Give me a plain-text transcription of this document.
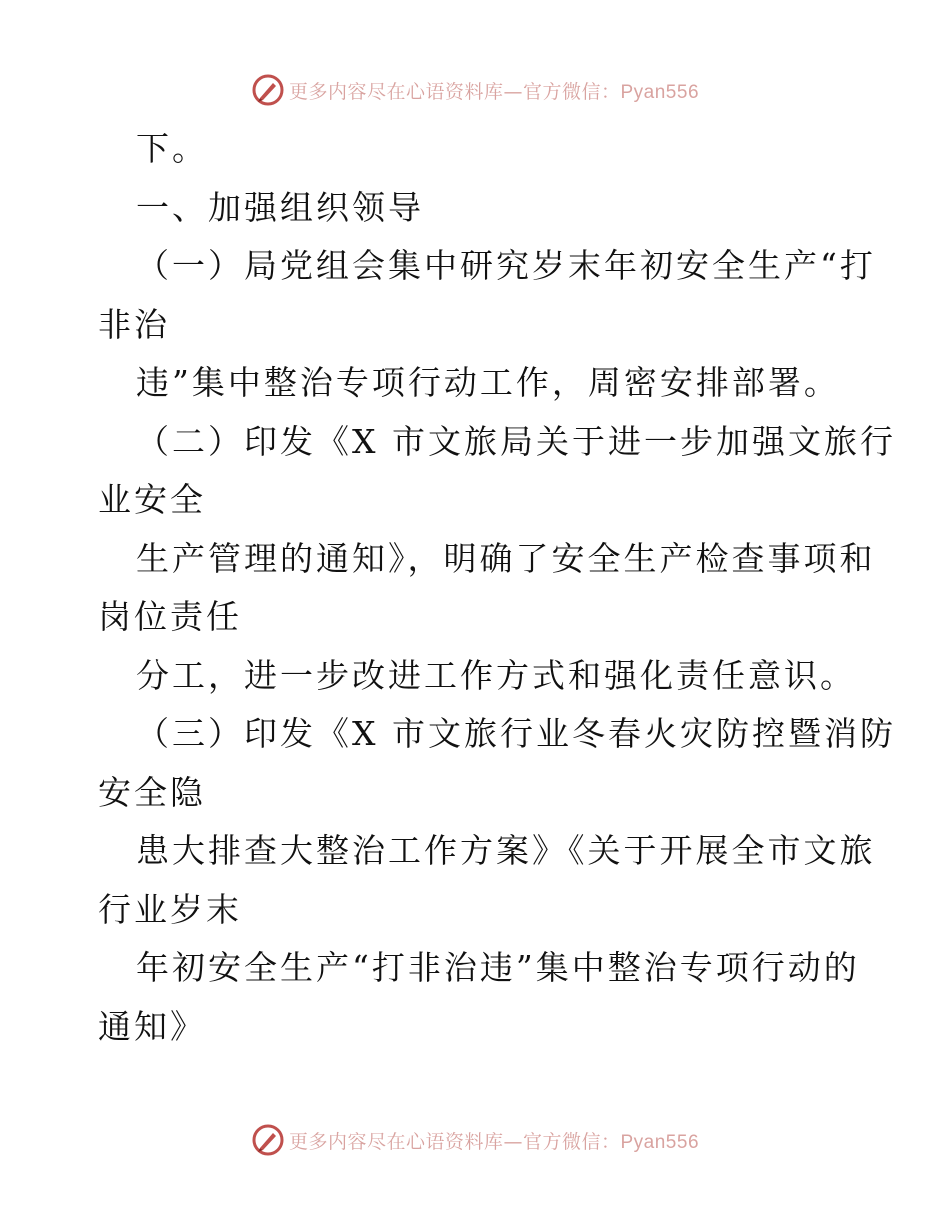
更多内容尽在心语资料库—官方微信：Pyan556
下。
一、加强组织领导
（一）局党组会集中研究岁末年初安全生产“打
非治
违”集中整治专项行动工作，周密安排部署。
（二）印发《X 市文旅局关于进一步加强文旅行
业安全
生产管理的通知》，明确了安全生产检查事项和
岗位责任
分工，进一步改进工作方式和强化责任意识。
（三）印发《X 市文旅行业冬春火灾防控暨消防
安全隐
患大排查大整治工作方案》《关于开展全市文旅
行业岁末
年初安全生产“打非治违”集中整治专项行动的
通知》
更多内容尽在心语资料库—官方微信：Pyan556
